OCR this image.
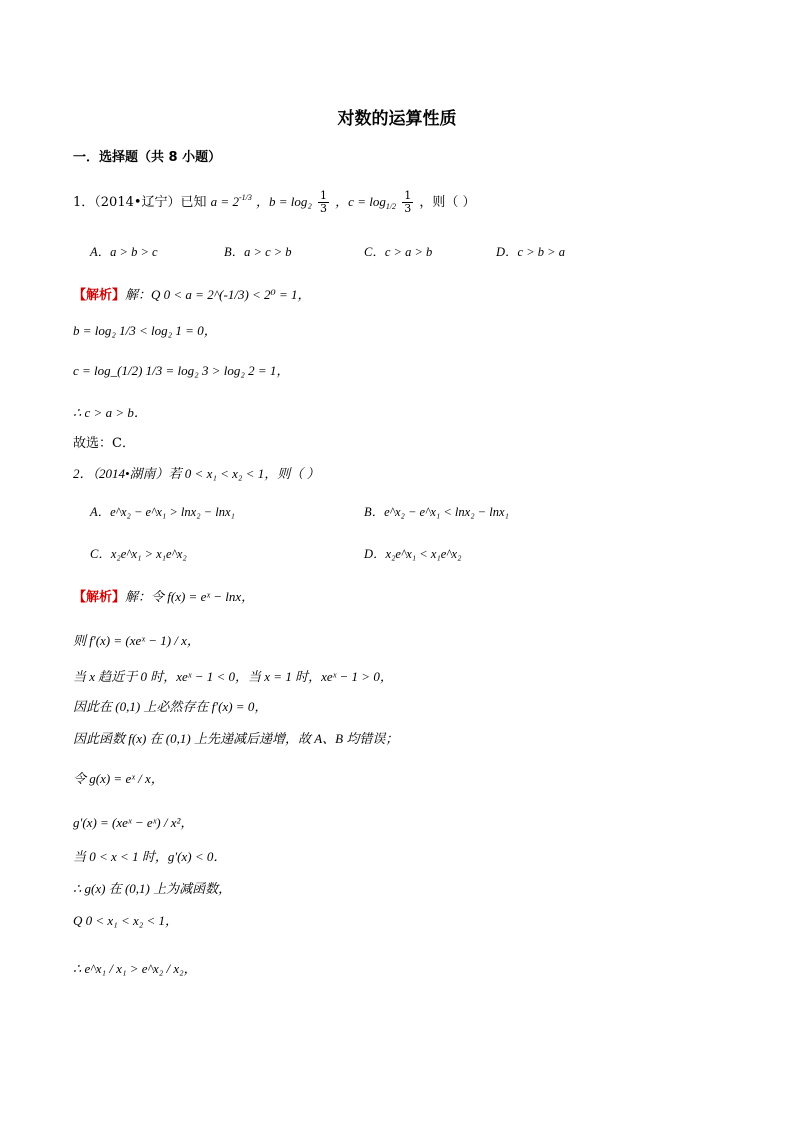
对数的运算性质
一．选择题（共 8 小题）
1．（2014•辽宁）已知 $a = 2^{-1/3}$ ，$b = \log_2 \frac{1}{3}$ ，$c = \log_{1/2} \frac{1}{3}$ ，则（ ）
A．a > b > c	B．a > c > b	C．c > a > b	D．c > b > a
【解析】解：Q 0 < a = 2^(-1/3) < 2⁰ = 1，
b = log₂ 1/3 < log₂ 1 = 0，
c = log_(1/2) 1/3 = log₂ 3 > log₂ 2 = 1，
∴ c > a > b．
故选：C．
2．（2014•湖南）若 0 < x₁ < x₂ < 1，则（ ）
A．e^x₂ − e^x₁ > lnx₂ − lnx₁	B．e^x₂ − e^x₁ < lnx₂ − lnx₁
C．x₂e^x₁ > x₁e^x₂	D．x₂e^x₁ < x₁e^x₂
【解析】解：令 f(x) = eˣ − lnx，
则 f′(x) = (xeˣ − 1) / x，
当 x 趋近于 0 时，xeˣ − 1 < 0，当 x = 1 时，xeˣ − 1 > 0，
因此在 (0,1) 上必然存在 f′(x) = 0，
因此函数 f(x) 在 (0,1) 上先递减后递增，故 A、B 均错误；
令 g(x) = eˣ / x，
g′(x) = (xeˣ − eˣ) / x²，
当 0 < x < 1 时，g′(x) < 0．
∴ g(x) 在 (0,1) 上为减函数，
Q 0 < x₁ < x₂ < 1，
∴ e^x₁ / x₁ > e^x₂ / x₂，
